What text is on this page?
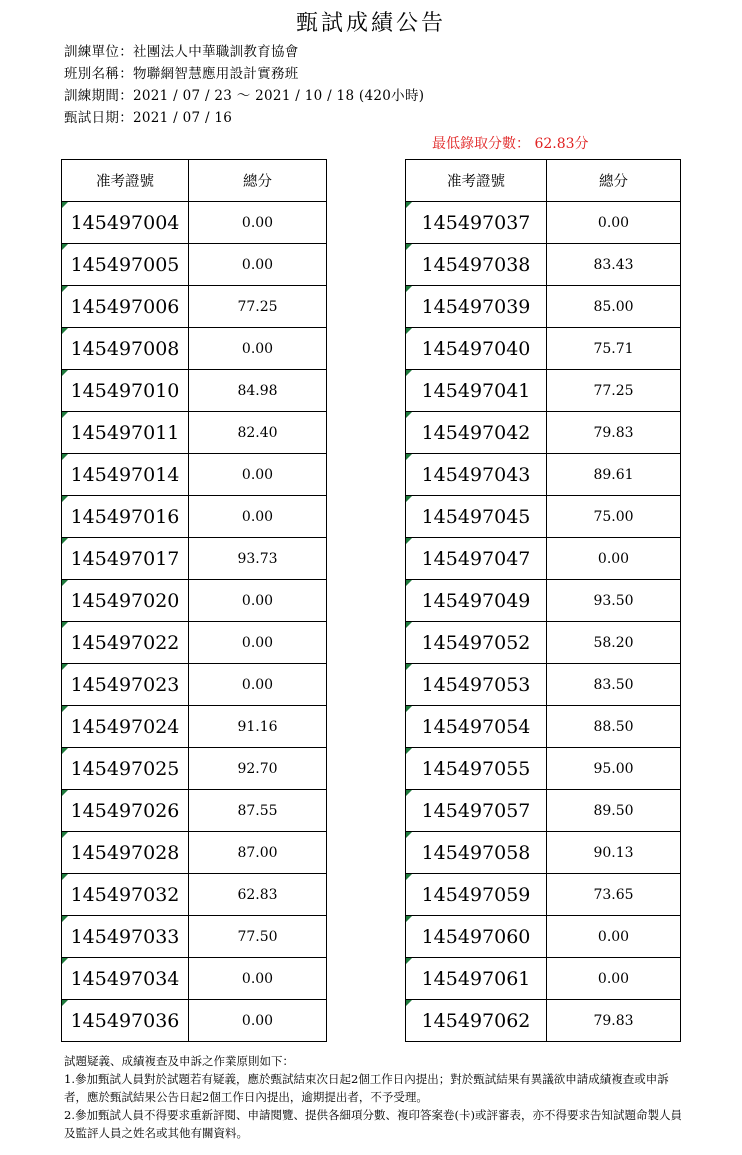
甄試成績公告
訓練單位：社團法人中華職訓教育協會
班別名稱：物聯網智慧應用設計實務班
訓練期間：2021 / 07 / 23 ～ 2021 / 10 / 18 (420小時)
甄試日期：2021 / 07 / 16
最低錄取分數： 62.83分
准考證號	總分
145497004	0.00
145497005	0.00
145497006	77.25
145497008	0.00
145497010	84.98
145497011	82.40
145497014	0.00
145497016	0.00
145497017	93.73
145497020	0.00
145497022	0.00
145497023	0.00
145497024	91.16
145497025	92.70
145497026	87.55
145497028	87.00
145497032	62.83
145497033	77.50
145497034	0.00
145497036	0.00
准考證號	總分
145497037	0.00
145497038	83.43
145497039	85.00
145497040	75.71
145497041	77.25
145497042	79.83
145497043	89.61
145497045	75.00
145497047	0.00
145497049	93.50
145497052	58.20
145497053	83.50
145497054	88.50
145497055	95.00
145497057	89.50
145497058	90.13
145497059	73.65
145497060	0.00
145497061	0.00
145497062	79.83

試題疑義、成績複查及申訴之作業原則如下：

1.參加甄試人員對於試題若有疑義，應於甄試結束次日起2個工作日內提出；對於甄試結果有異議欲申請成績複查或申訴者，應於甄試結果公告日起2個工作日內提出，逾期提出者，不予受理。

2.參加甄試人員不得要求重新評閱、申請閱覽、提供各細項分數、複印答案卷(卡)或評審表，亦不得要求告知試題命製人員及監評人員之姓名或其他有關資料。
